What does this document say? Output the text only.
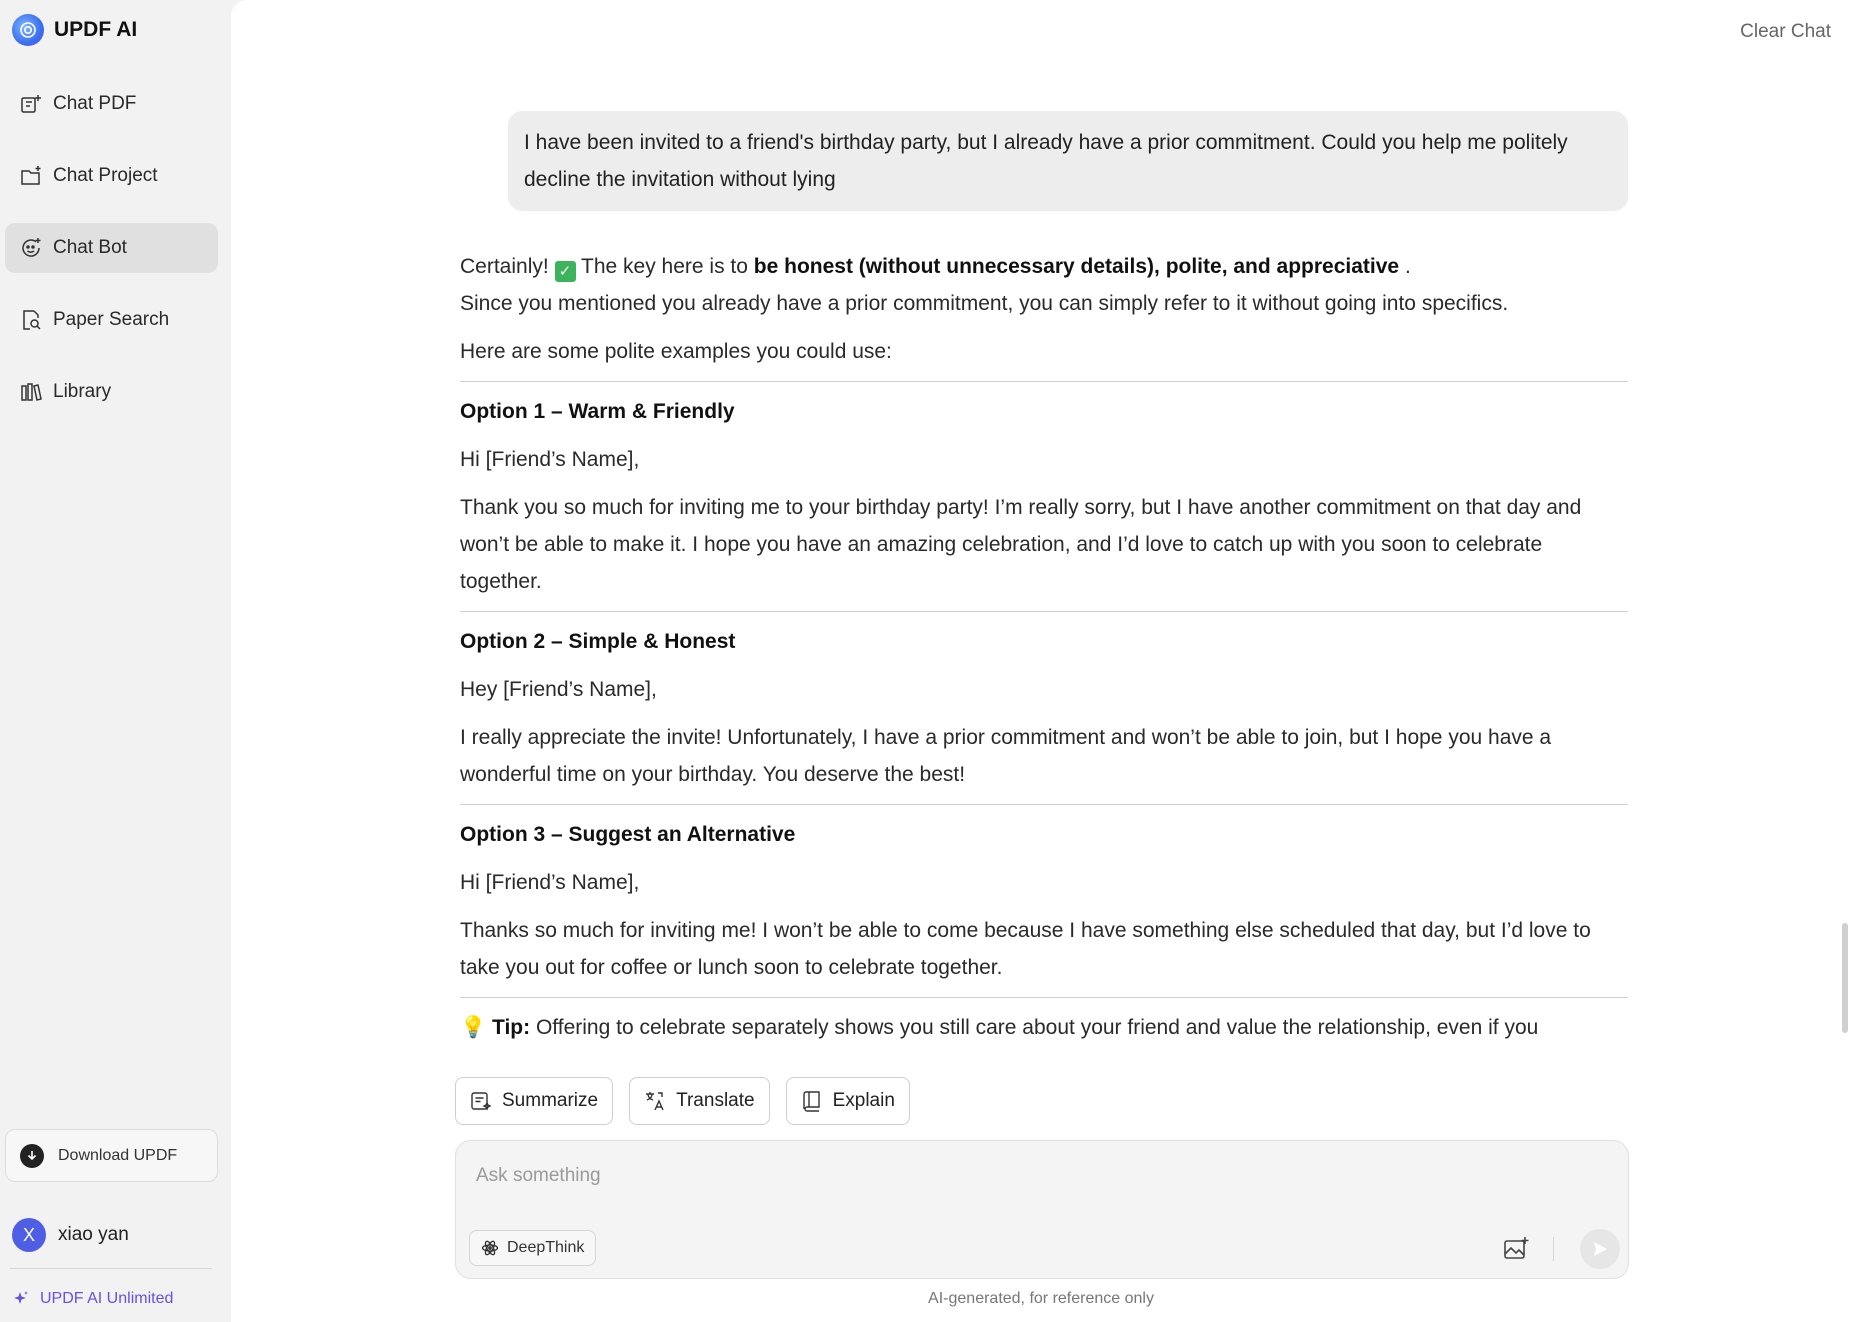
UPDF AI
Chat PDF
Chat Project
Chat Bot
Paper Search
Library
Download UPDF
X	xiao yan
UPDF AI Unlimited
Clear Chat
I have been invited to a friend's birthday party, but I already have a prior commitment. Could you help me politely decline the invitation without lying

Certainly! ✓ The key here is to be honest (without unnecessary details), polite, and appreciative .

Since you mentioned you already have a prior commitment, you can simply refer to it without going into specifics.

Here are some polite examples you could use:

Option 1 – Warm & Friendly

Hi [Friend’s Name],

Thank you so much for inviting me to your birthday party! I’m really sorry, but I have another commitment on that day and won’t be able to make it. I hope you have an amazing celebration, and I’d love to catch up with you soon to celebrate together.

Option 2 – Simple & Honest

Hey [Friend’s Name],

I really appreciate the invite! Unfortunately, I have a prior commitment and won’t be able to join, but I hope you have a wonderful time on your birthday. You deserve the best!

Option 3 – Suggest an Alternative

Hi [Friend’s Name],

Thanks so much for inviting me! I won’t be able to come because I have something else scheduled that day, but I’d love to take you out for coffee or lunch soon to celebrate together.

💡 Tip: Offering to celebrate separately shows you still care about your friend and value the relationship, even if you

Summarize	Translate	Explain
Ask something
DeepThink
AI-generated, for reference only
